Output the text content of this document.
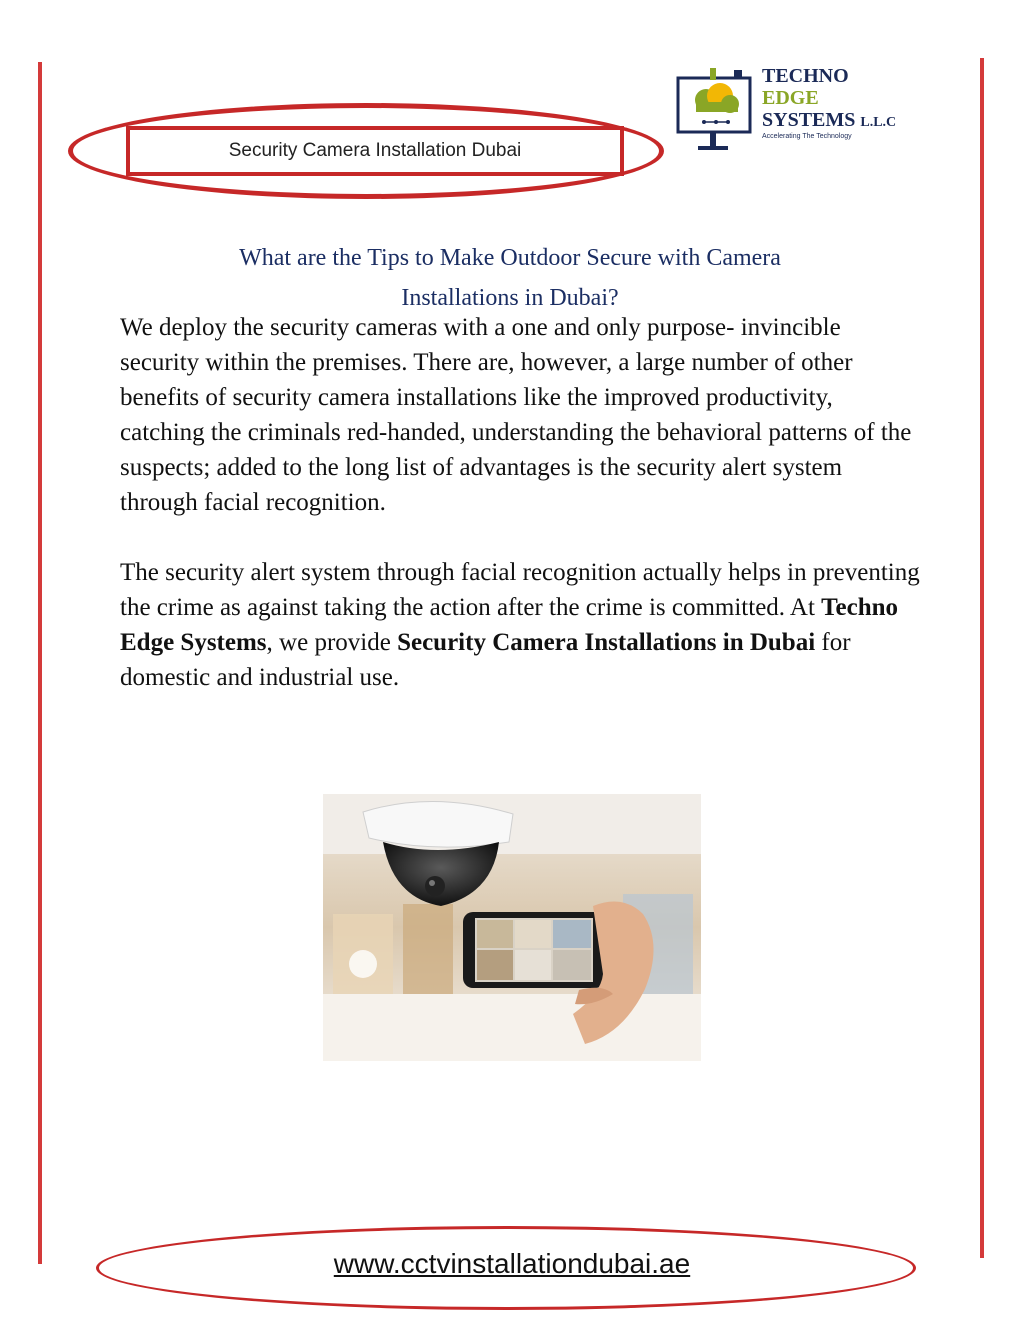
Security Camera Installation Dubai
TECHNO
EDGE
SYSTEMS L.L.C
Accelerating The Technology
What are the Tips to Make Outdoor Secure with Camera
Installations in Dubai?

We deploy the security cameras with a one and only purpose- invincible security within the premises. There are, however, a large number of other benefits of security camera installations like the improved productivity, catching the criminals red-handed, understanding the behavioral patterns of the suspects; added to the long list of advantages is the security alert system through facial recognition.

The security alert system through facial recognition actually helps in preventing the crime as against taking the action after the crime is committed. At Techno Edge Systems, we provide Security Camera Installations in Dubai for domestic and industrial use.

www.cctvinstallationdubai.ae
